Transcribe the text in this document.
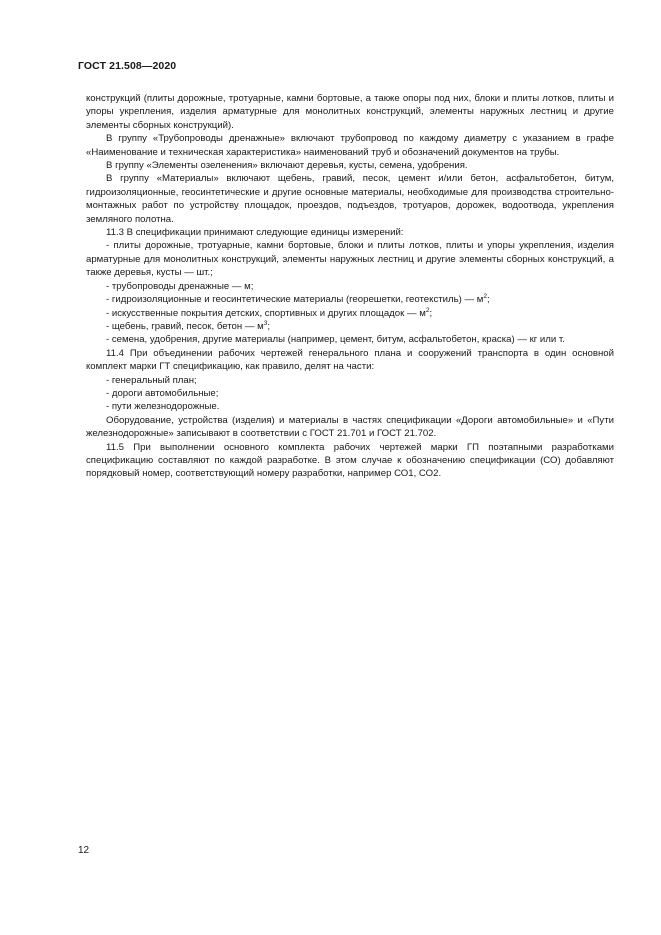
ГОСТ 21.508—2020

конструкций (плиты дорожные, тротуарные, камни бортовые, а также опоры под них, блоки и плиты лотков, плиты и упоры укрепления, изделия арматурные для монолитных конструкций, элементы наружных лестниц и другие элементы сборных конструкций).

В группу «Трубопроводы дренажные» включают трубопровод по каждому диаметру с указанием в графе «Наименование и техническая характеристика» наименований труб и обозначений документов на трубы.

В группу «Элементы озеленения» включают деревья, кусты, семена, удобрения.

В группу «Материалы» включают щебень, гравий, песок, цемент и/или бетон, асфальтобетон, битум, гидроизоляционные, геосинтетические и другие основные материалы, необходимые для производства строительно-монтажных работ по устройству площадок, проездов, подъездов, тротуаров, дорожек, водоотвода, укрепления земляного полотна.

11.3 В спецификации принимают следующие единицы измерений:

- плиты дорожные, тротуарные, камни бортовые, блоки и плиты лотков, плиты и упоры укрепления, изделия арматурные для монолитных конструкций, элементы наружных лестниц и другие элементы сборных конструкций, а также деревья, кусты — шт.;

- трубопроводы дренажные — м;

- гидроизоляционные и геосинтетические материалы (георешетки, геотекстиль) — $м^2$;

- искусственные покрытия детских, спортивных и других площадок — $м^2$;

- щебень, гравий, песок, бетон — $м^3$;

- семена, удобрения, другие материалы (например, цемент, битум, асфальтобетон, краска) — кг или т.

11.4 При объединении рабочих чертежей генерального плана и сооружений транспорта в один основной комплект марки ГТ спецификацию, как правило, делят на части:

- генеральный план;

- дороги автомобильные;

- пути железнодорожные.

Оборудование, устройства (изделия) и материалы в частях спецификации «Дороги автомобильные» и «Пути железнодорожные» записывают в соответствии с ГОСТ 21.701 и ГОСТ 21.702.

11.5 При выполнении основного комплекта рабочих чертежей марки ГП поэтапными разработками спецификацию составляют по каждой разработке. В этом случае к обозначению спецификации (СО) добавляют порядковый номер, соответствующий номеру разработки, например СО1, СО2.

12
